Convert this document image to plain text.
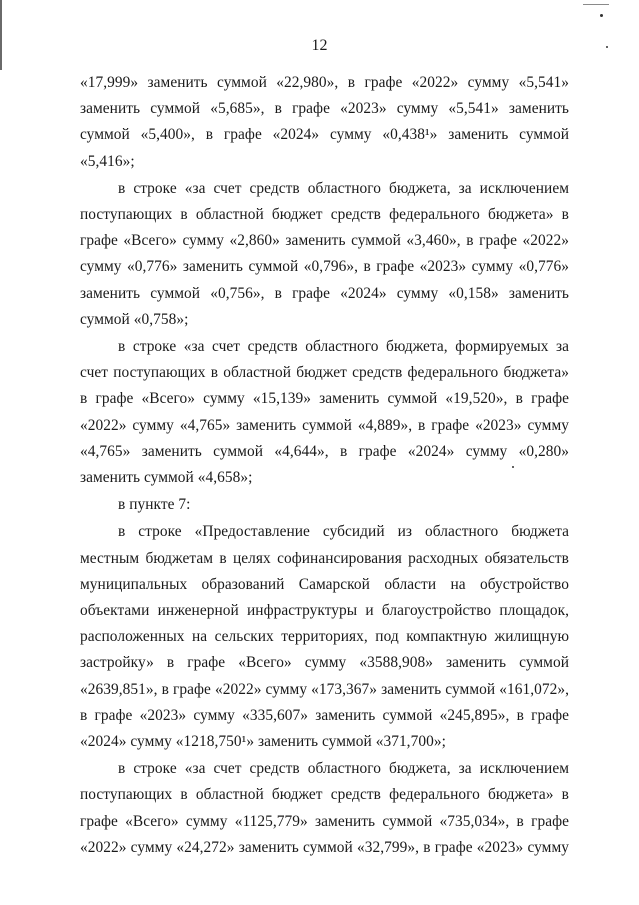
12

«17,999» заменить суммой «22,980», в графе «2022» сумму «5,541» заменить суммой «5,685», в графе «2023» сумму «5,541» заменить суммой «5,400», в графе «2024» сумму «0,438¹» заменить суммой «5,416»;

в строке «за счет средств областного бюджета, за исключением поступающих в областной бюджет средств федерального бюджета» в графе «Всего» сумму «2,860» заменить суммой «3,460», в графе «2022» сумму «0,776» заменить суммой «0,796», в графе «2023» сумму «0,776» заменить суммой «0,756», в графе «2024» сумму «0,158» заменить суммой «0,758»;

в строке «за счет средств областного бюджета, формируемых за счет поступающих в областной бюджет средств федерального бюджета» в графе «Всего» сумму «15,139» заменить суммой «19,520», в графе «2022» сумму «4,765» заменить суммой «4,889», в графе «2023» сумму «4,765» заменить суммой «4,644», в графе «2024» сумму «0,280» заменить суммой «4,658»;

в пункте 7:

в строке «Предоставление субсидий из областного бюджета местным бюджетам в целях софинансирования расходных обязательств муниципальных образований Самарской области на обустройство объектами инженерной инфраструктуры и благоустройство площадок, расположенных на сельских территориях, под компактную жилищную застройку» в графе «Всего» сумму «3588,908» заменить суммой «2639,851», в графе «2022» сумму «173,367» заменить суммой «161,072», в графе «2023» сумму «335,607» заменить суммой «245,895», в графе «2024» сумму «1218,750¹» заменить суммой «371,700»;

в строке «за счет средств областного бюджета, за исключением поступающих в областной бюджет средств федерального бюджета» в графе «Всего» сумму «1125,779» заменить суммой «735,034», в графе «2022» сумму «24,272» заменить суммой «32,799», в графе «2023» сумму
